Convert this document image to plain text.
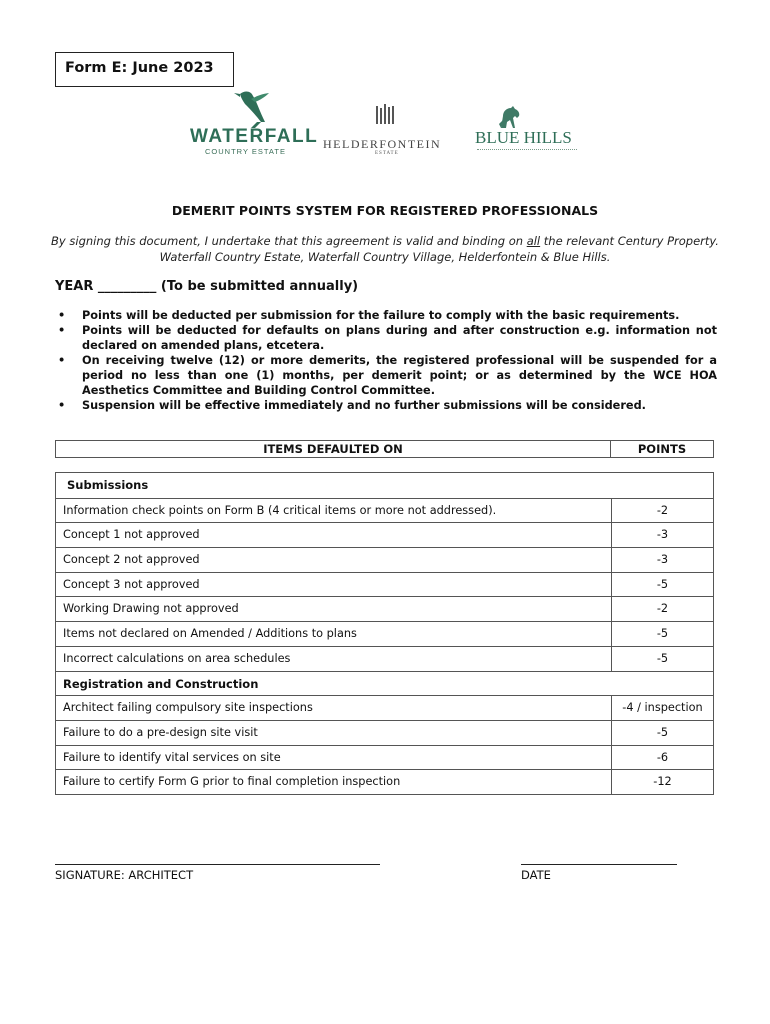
Form E: June 2023
WATERFALL
COUNTRY ESTATE
HELDERFONTEIN
ESTATE
BLUE HILLS
DEMERIT POINTS SYSTEM FOR REGISTERED PROFESSIONALS
By signing this document, I undertake that this agreement is valid and binding on all the relevant Century Property. Waterfall Country Estate, Waterfall Country Village, Helderfontein & Blue Hills.
YEAR _________ (To be submitted annually)
• Points will be deducted per submission for the failure to comply with the basic requirements.
• Points will be deducted for defaults on plans during and after construction e.g. information not declared on amended plans, etcetera.
• On receiving twelve (12) or more demerits, the registered professional will be suspended for a period no less than one (1) months, per demerit point; or as determined by the WCE HOA Aesthetics Committee and Building Control Committee.
• Suspension will be effective immediately and no further submissions will be considered.
ITEMS DEFAULTED ON	POINTS
Submissions
Information check points on Form B (4 critical items or more not addressed).	-2
Concept 1 not approved	-3
Concept 2 not approved	-3
Concept 3 not approved	-5
Working Drawing not approved	-2
Items not declared on Amended / Additions to plans	-5
Incorrect calculations on area schedules	-5
Registration and Construction
Architect failing compulsory site inspections	-4 / inspection
Failure to do a pre-design site visit	-5
Failure to identify vital services on site	-6
Failure to certify Form G prior to final completion inspection	-12
SIGNATURE: ARCHITECT	DATE
